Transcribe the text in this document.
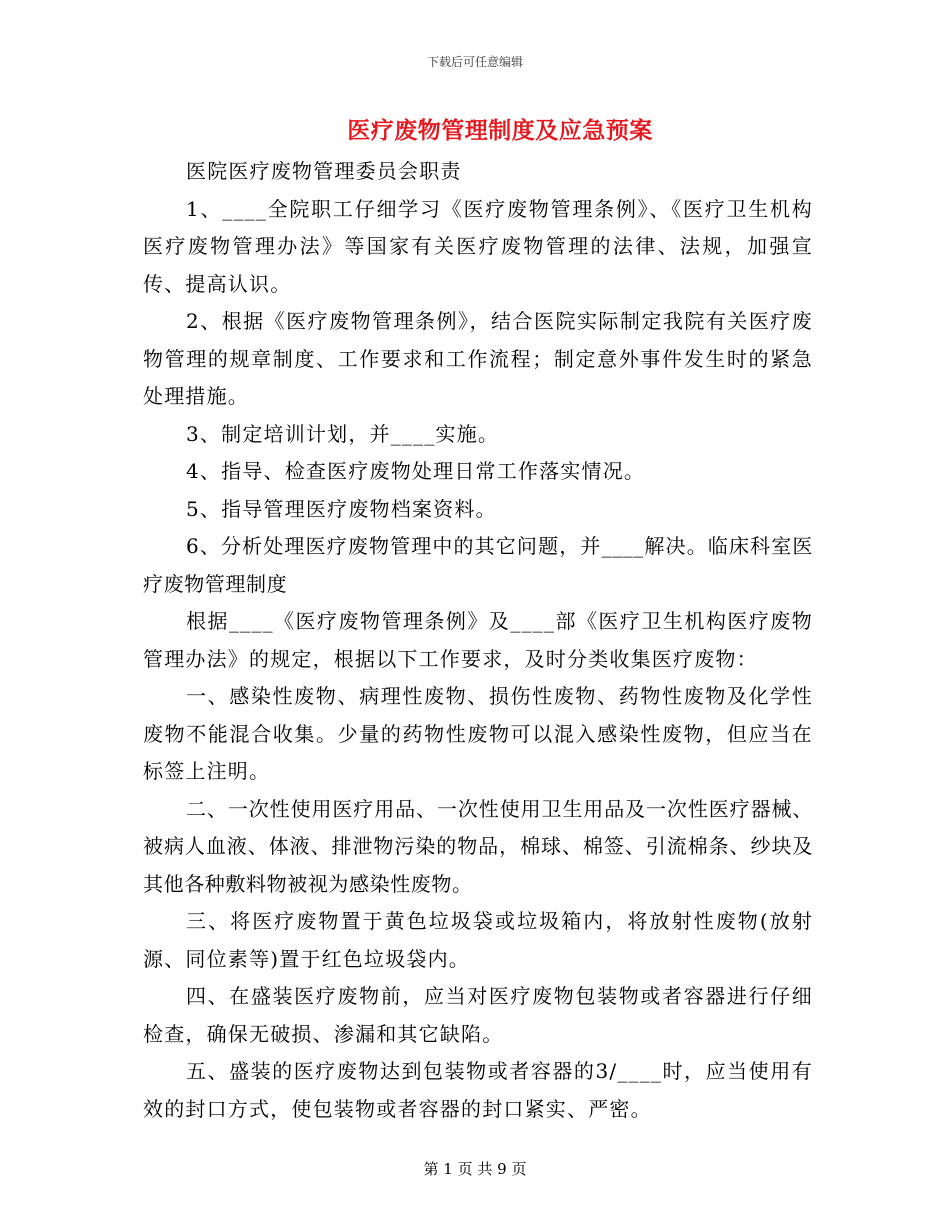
下载后可任意编辑
医疗废物管理制度及应急预案

医院医疗废物管理委员会职责

1、____全院职工仔细学习《医疗废物管理条例》、《医疗卫生机构医疗废物管理办法》等国家有关医疗废物管理的法律、法规，加强宣传、提高认识。

2、根据《医疗废物管理条例》，结合医院实际制定我院有关医疗废物管理的规章制度、工作要求和工作流程；制定意外事件发生时的紧急处理措施。

3、制定培训计划，并____实施。

4、指导、检查医疗废物处理日常工作落实情况。

5、指导管理医疗废物档案资料。

6、分析处理医疗废物管理中的其它问题，并____解决。临床科室医疗废物管理制度

根据____《医疗废物管理条例》及____部《医疗卫生机构医疗废物管理办法》的规定，根据以下工作要求，及时分类收集医疗废物：

一、感染性废物、病理性废物、损伤性废物、药物性废物及化学性废物不能混合收集。少量的药物性废物可以混入感染性废物，但应当在标签上注明。

二、一次性使用医疗用品、一次性使用卫生用品及一次性医疗器械、被病人血液、体液、排泄物污染的物品，棉球、棉签、引流棉条、纱块及其他各种敷料物被视为感染性废物。

三、将医疗废物置于黄色垃圾袋或垃圾箱内，将放射性废物(放射源、同位素等)置于红色垃圾袋内。

四、在盛装医疗废物前，应当对医疗废物包装物或者容器进行仔细检查，确保无破损、渗漏和其它缺陷。

五、盛装的医疗废物达到包装物或者容器的3/____时，应当使用有效的封口方式，使包装物或者容器的封口紧实、严密。

第 1 页 共 9 页
